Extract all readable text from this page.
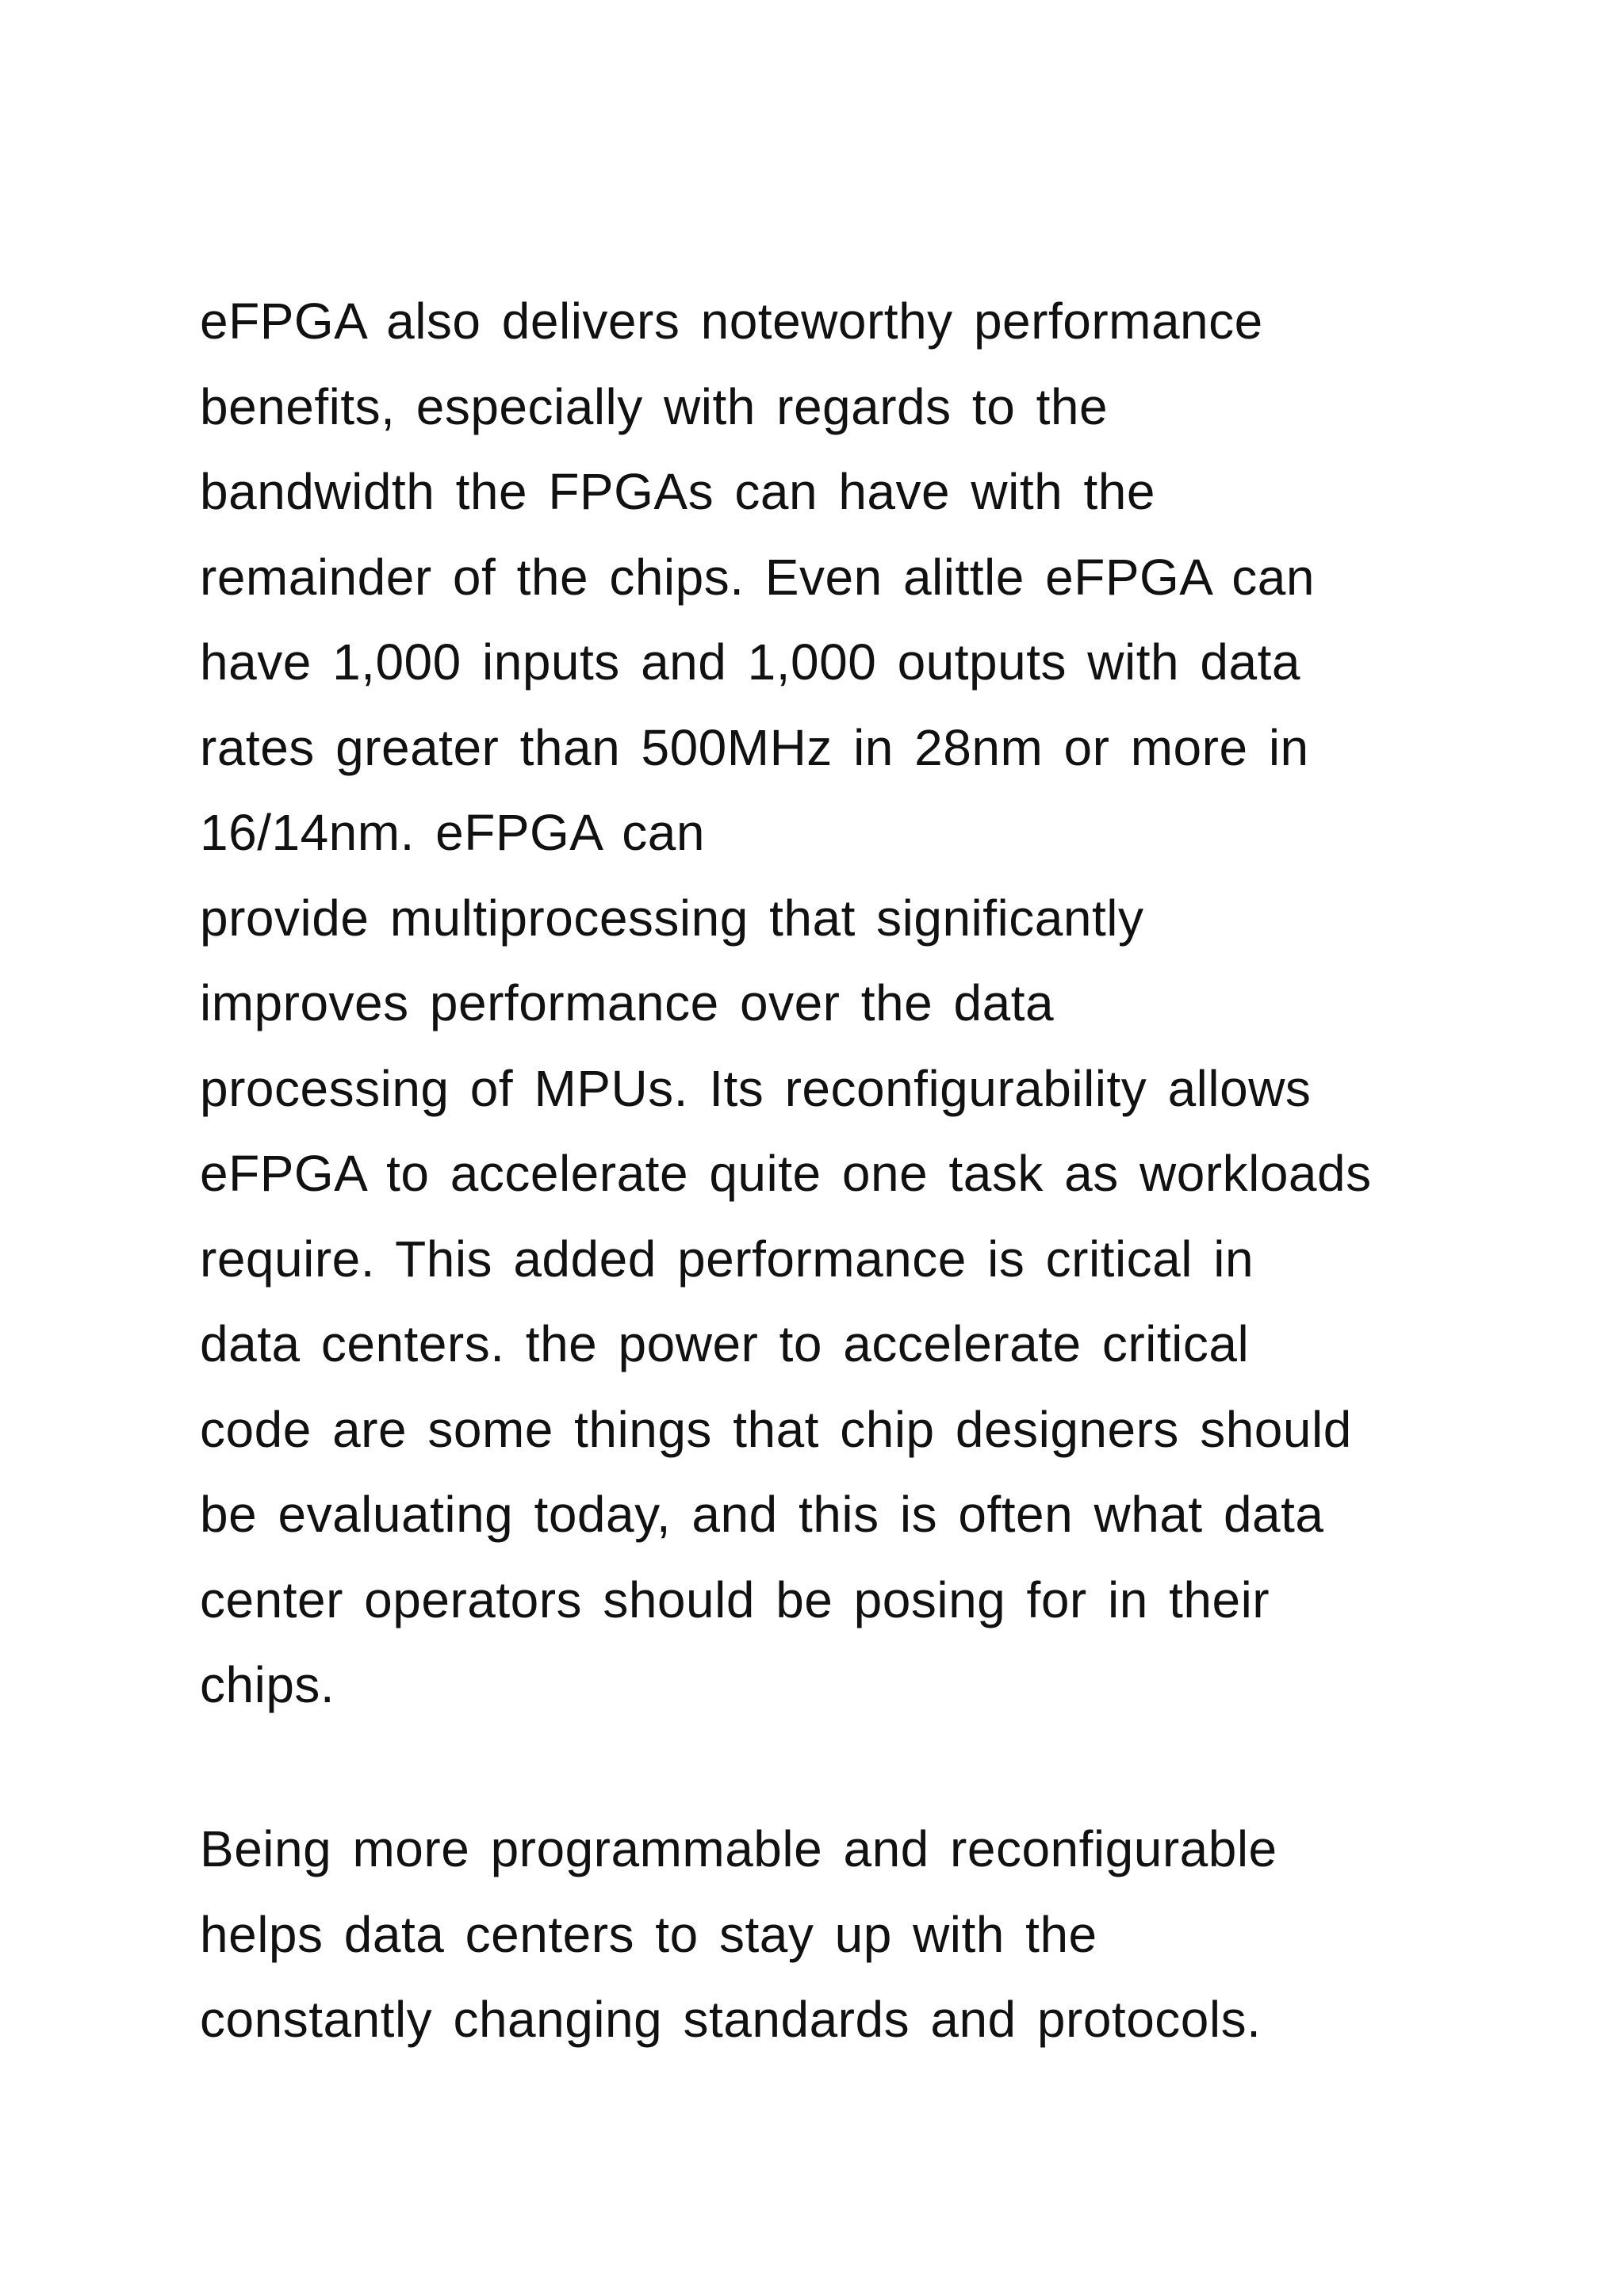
eFPGA also delivers noteworthy performance
benefits, especially with regards to the
bandwidth the FPGAs can have with the
remainder of the chips. Even alittle eFPGA can
have 1,000 inputs and 1,000 outputs with data
rates greater than 500MHz in 28nm or more in
16/14nm. eFPGA can
provide multiprocessing that significantly
improves performance over the data
processing of MPUs. Its reconfigurability allows
eFPGA to accelerate quite one task as workloads
require. This added performance is critical in
data centers. the power to accelerate critical
code are some things that chip designers should
be evaluating today, and this is often what data
center operators should be posing for in their
chips.
Being more programmable and reconfigurable
helps data centers to stay up with the
constantly changing standards and protocols.
